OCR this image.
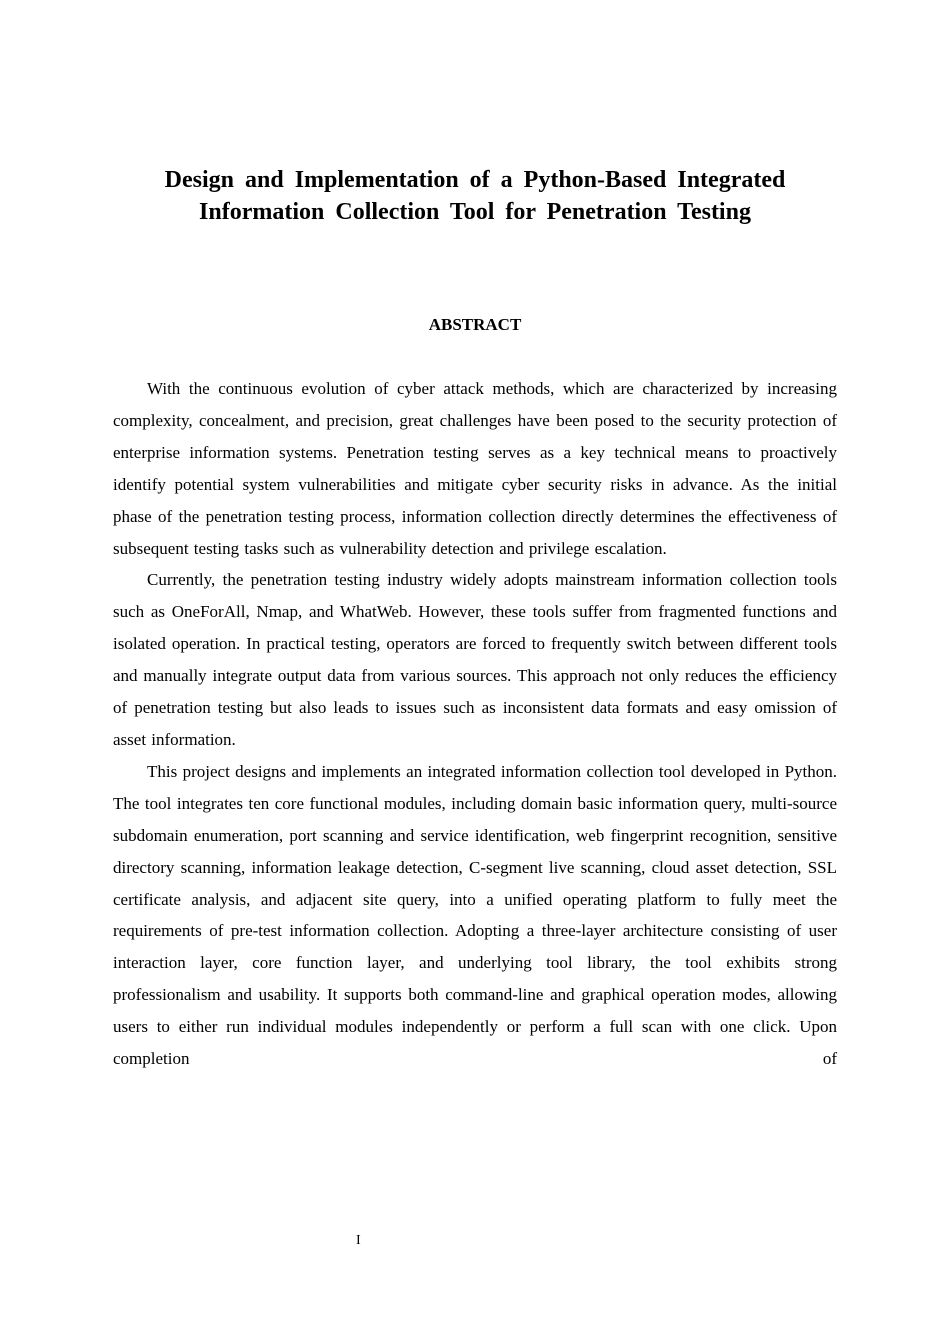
Design and Implementation of a Python-Based Integrated
Information Collection Tool for Penetration Testing
ABSTRACT

With the continuous evolution of cyber attack methods, which are characterized by increasing complexity, concealment, and precision, great challenges have been posed to the security protection of enterprise information systems. Penetration testing serves as a key technical means to proactively identify potential system vulnerabilities and mitigate cyber security risks in advance. As the initial phase of the penetration testing process, information collection directly determines the effectiveness of subsequent testing tasks such as vulnerability detection and privilege escalation.

Currently, the penetration testing industry widely adopts mainstream information collection tools such as OneForAll, Nmap, and WhatWeb. However, these tools suffer from fragmented functions and isolated operation. In practical testing, operators are forced to frequently switch between different tools and manually integrate output data from various sources. This approach not only reduces the efficiency of penetration testing but also leads to issues such as inconsistent data formats and easy omission of asset information.

This project designs and implements an integrated information collection tool developed in Python. The tool integrates ten core functional modules, including domain basic information query, multi-source subdomain enumeration, port scanning and service identification, web fingerprint recognition, sensitive directory scanning, information leakage detection, C-segment live scanning, cloud asset detection, SSL certificate analysis, and adjacent site query, into a unified operating platform to fully meet the requirements of pre-test information collection. Adopting a three-layer architecture consisting of user interaction layer, core function layer, and underlying tool library, the tool exhibits strong professionalism and usability. It supports both command-line and graphical operation modes, allowing users to either run individual modules independently or perform a full scan with one click. Upon completion of

I
